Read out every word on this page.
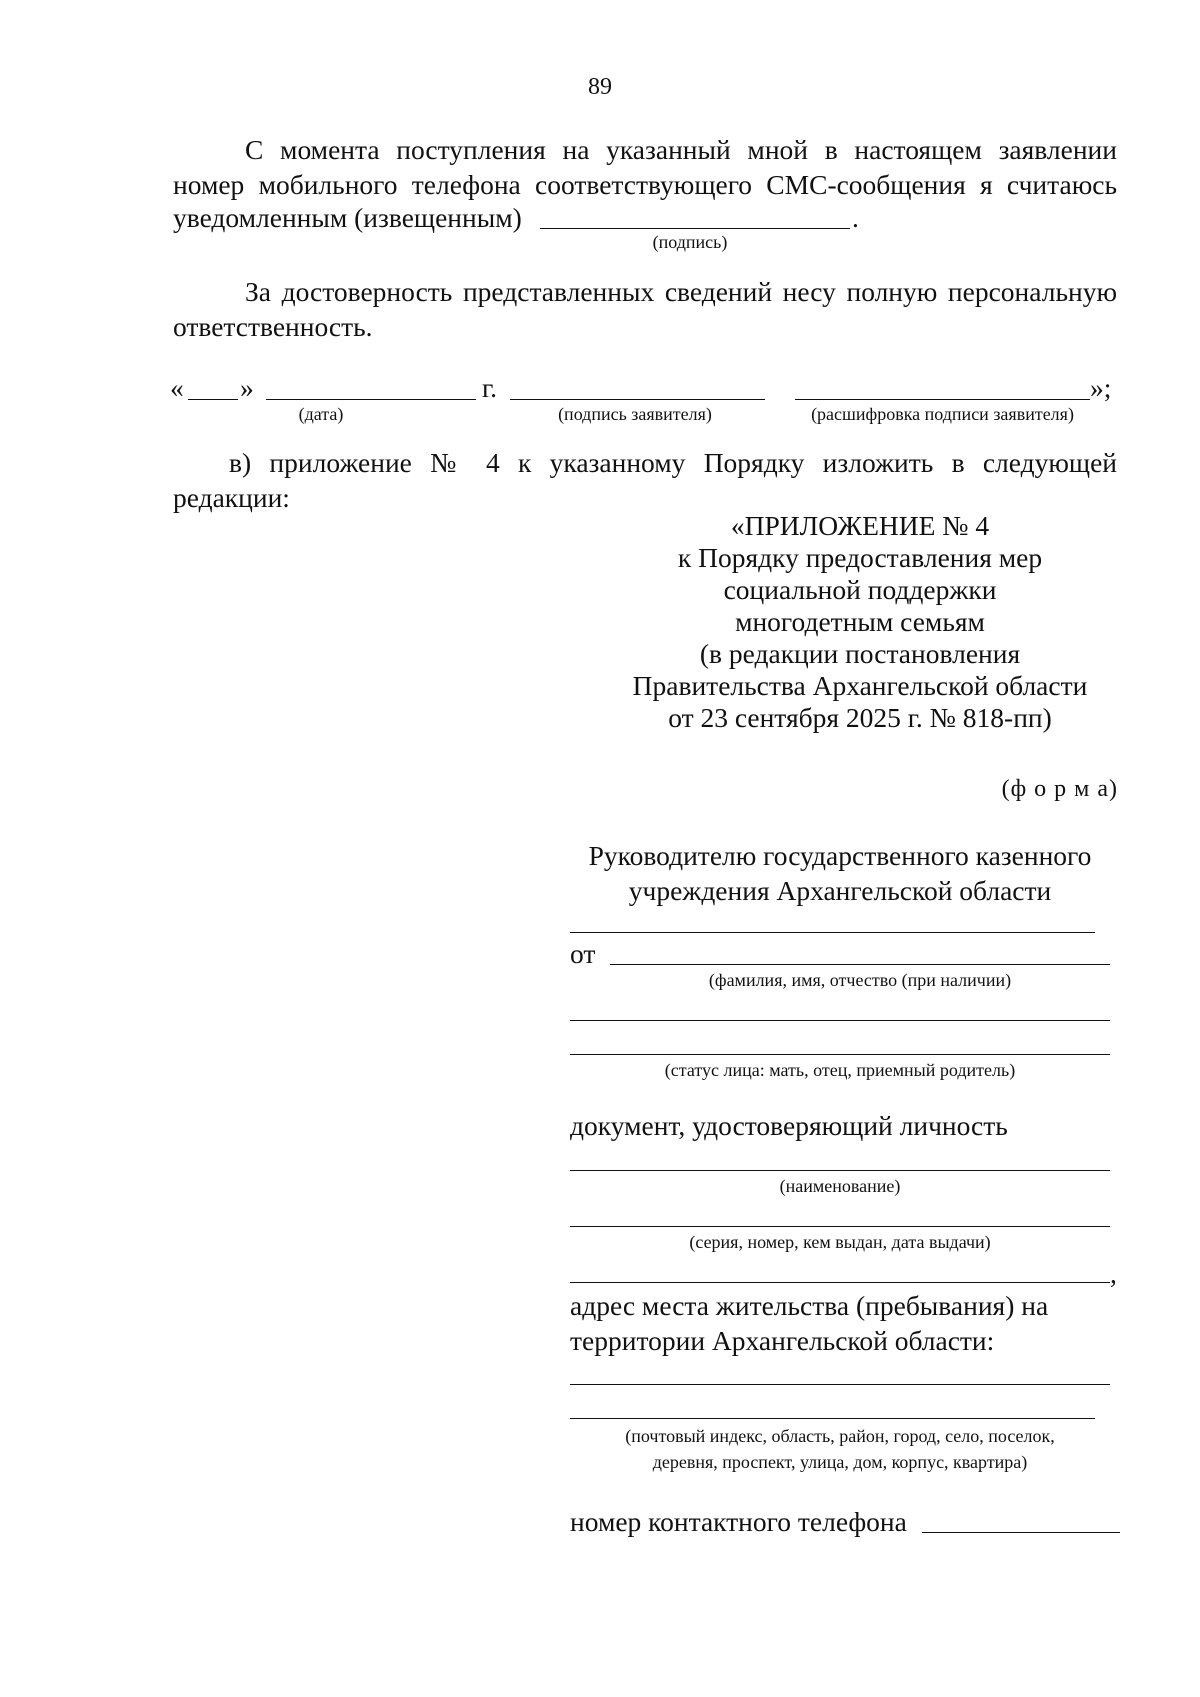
89
С момента поступления на указанный мной в настоящем заявлении
номер мобильного телефона соответствующего СМС-сообщения я считаюсь
уведомленным (извещенным)	.
(подпись)
За достоверность представленных сведений несу полную персональную
ответственность.
« »	г.	»;
(дата)	(подпись заявителя)	(расшифровка подписи заявителя)
в) приложение № 4 к указанному Порядку изложить в следующей
редакции:
«ПРИЛОЖЕНИЕ № 4
к Порядку предоставления мер
социальной поддержки
многодетным семьям
(в редакции постановления
Правительства Архангельской области
от 23 сентября 2025 г. № 818-пп)
(ф о р м а)
Руководителю государственного казенного
учреждения Архангельской области
от
(фамилия, имя, отчество (при наличии)
(статус лица: мать, отец, приемный родитель)
документ, удостоверяющий личность
(наименование)
(серия, номер, кем выдан, дата выдачи)
,
адрес места жительства (пребывания) на
территории Архангельской области:
(почтовый индекс, область, район, город, село, поселок,
деревня, проспект, улица, дом, корпус, квартира)
номер контактного телефона
